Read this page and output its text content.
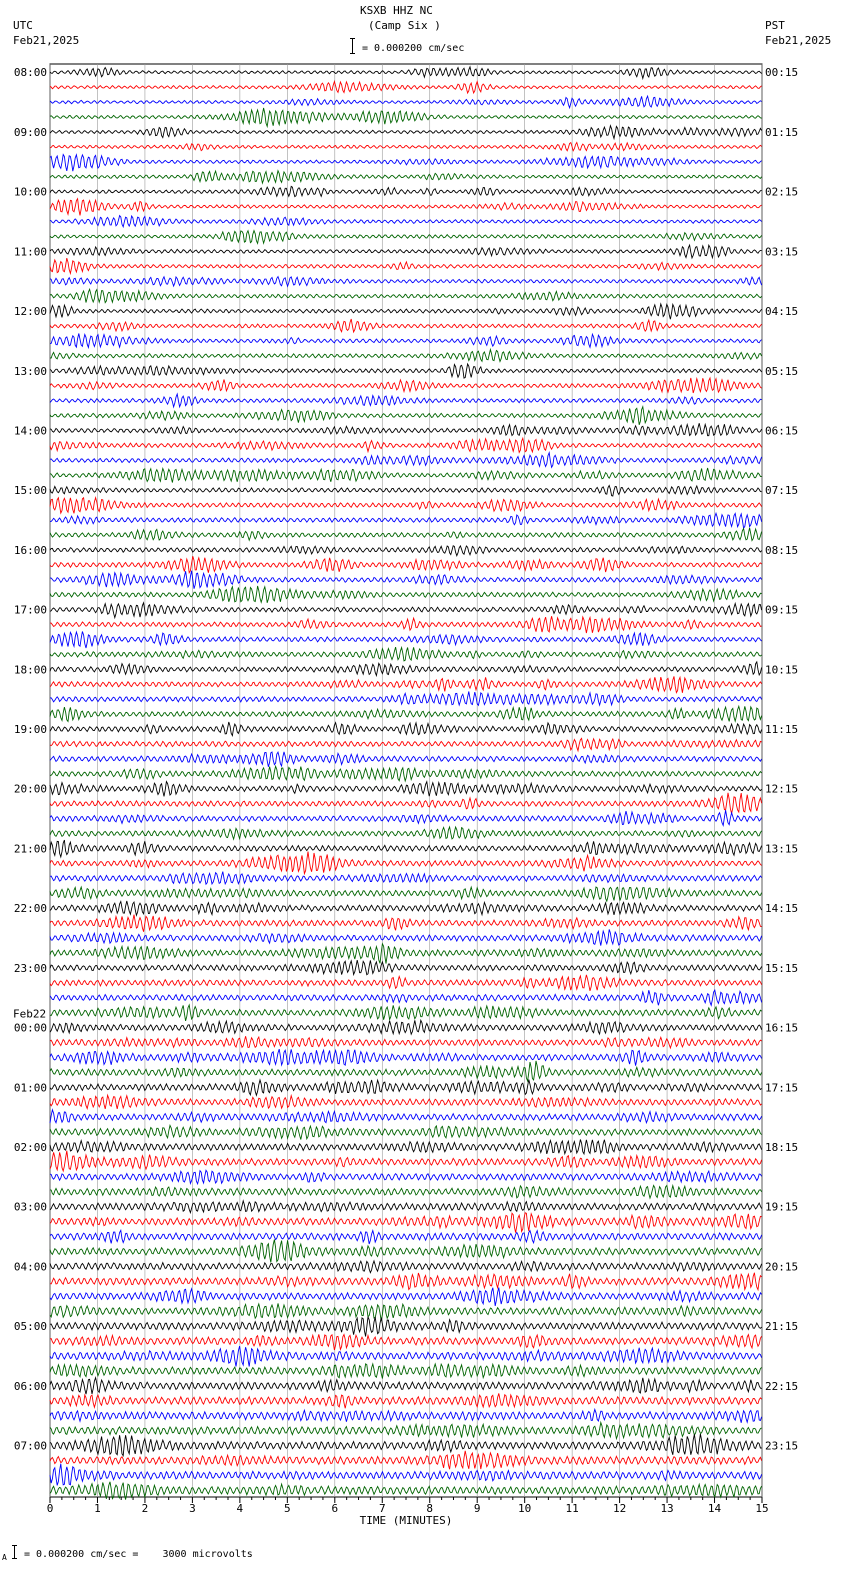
KSXB HHZ NC
(Camp Six )
= 0.000200 cm/sec
UTC
Feb21,2025
PST
Feb21,2025
0	1	2	3	4	5	6	7	8	9	10	11	12	13	14	15
TIME (MINUTES)
08:00
09:00
10:00
11:00
12:00
13:00
14:00
15:00
16:00
17:00
18:00
19:00
20:00
21:00
22:00
23:00
00:00
Feb22
01:00
02:00
03:00
04:00
05:00
06:00
07:00
00:15
01:15
02:15
03:15
04:15
05:15
06:15
07:15
08:15
09:15
10:15
11:15
12:15
13:15
14:15
15:15
16:15
17:15
18:15
19:15
20:15
21:15
22:15
23:15
A = 0.000200 cm/sec =    3000 microvolts
